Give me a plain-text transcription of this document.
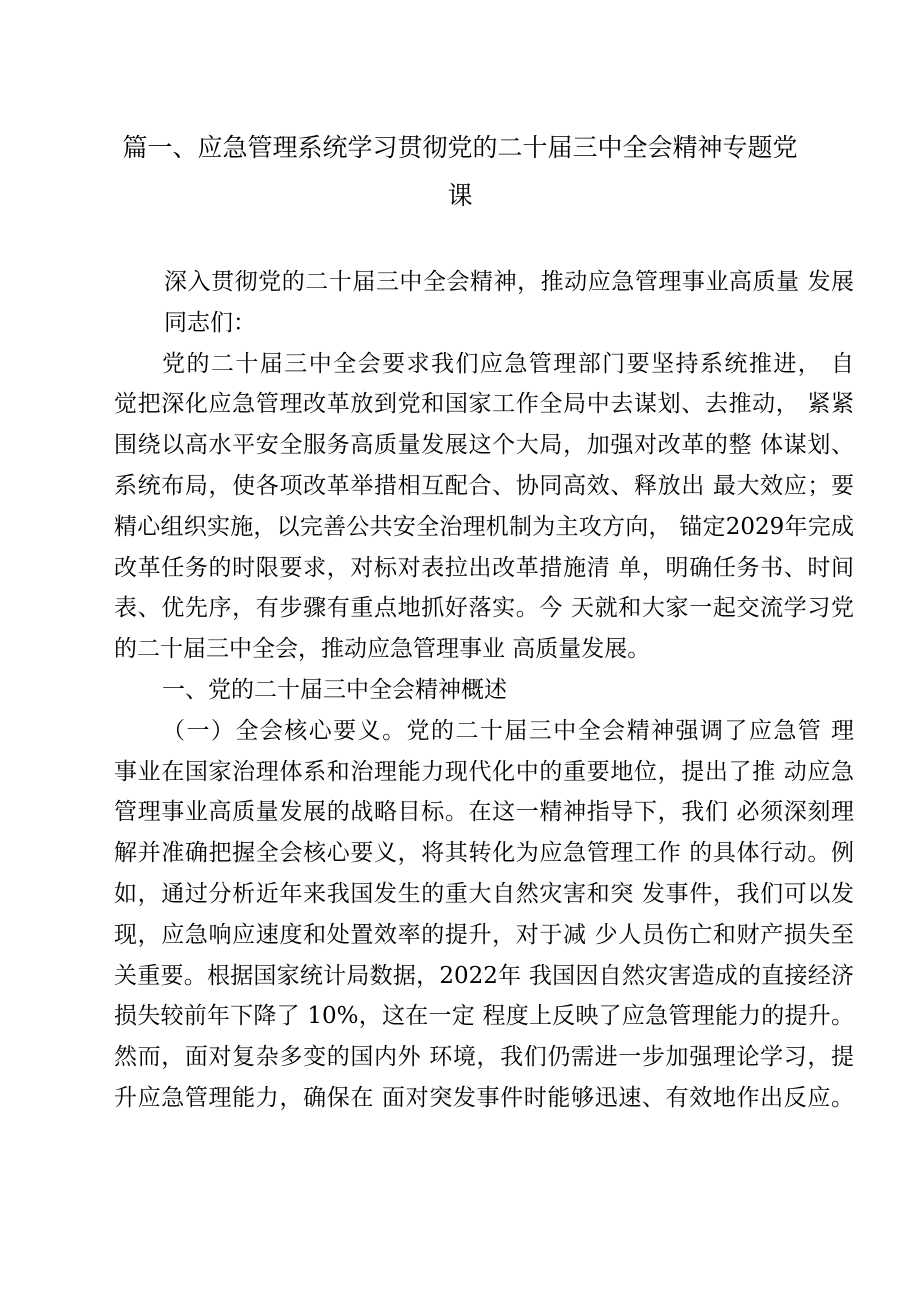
篇一、应急管理系统学习贯彻党的二十届三中全会精神专题党
课
深入贯彻党的二十届三中全会精神，推动应急管理事业高质量 发展
同志们：
党的二十届三中全会要求我们应急管理部门要坚持系统推进， 自
觉把深化应急管理改革放到党和国家工作全局中去谋划、去推动， 紧紧
围绕以高水平安全服务高质量发展这个大局，加强对改革的整 体谋划、
系统布局，使各项改革举措相互配合、协同高效、释放出 最大效应；要
精心组织实施，以完善公共安全治理机制为主攻方向， 锚定2029年完成
改革任务的时限要求，对标对表拉出改革措施清 单，明确任务书、时间
表、优先序，有步骤有重点地抓好落实。今 天就和大家一起交流学习党
的二十届三中全会，推动应急管理事业 高质量发展。
一、党的二十届三中全会精神概述
（一）全会核心要义。党的二十届三中全会精神强调了应急管 理
事业在国家治理体系和治理能力现代化中的重要地位，提出了推 动应急
管理事业高质量发展的战略目标。在这一精神指导下，我们 必须深刻理
解并准确把握全会核心要义，将其转化为应急管理工作 的具体行动。例
如，通过分析近年来我国发生的重大自然灾害和突 发事件，我们可以发
现，应急响应速度和处置效率的提升，对于减 少人员伤亡和财产损失至
关重要。根据国家统计局数据，2022年 我国因自然灾害造成的直接经济
损失较前年下降了 10%，这在一定 程度上反映了应急管理能力的提升。
然而，面对复杂多变的国内外 环境，我们仍需进一步加强理论学习，提
升应急管理能力，确保在 面对突发事件时能够迅速、有效地作出反应。
